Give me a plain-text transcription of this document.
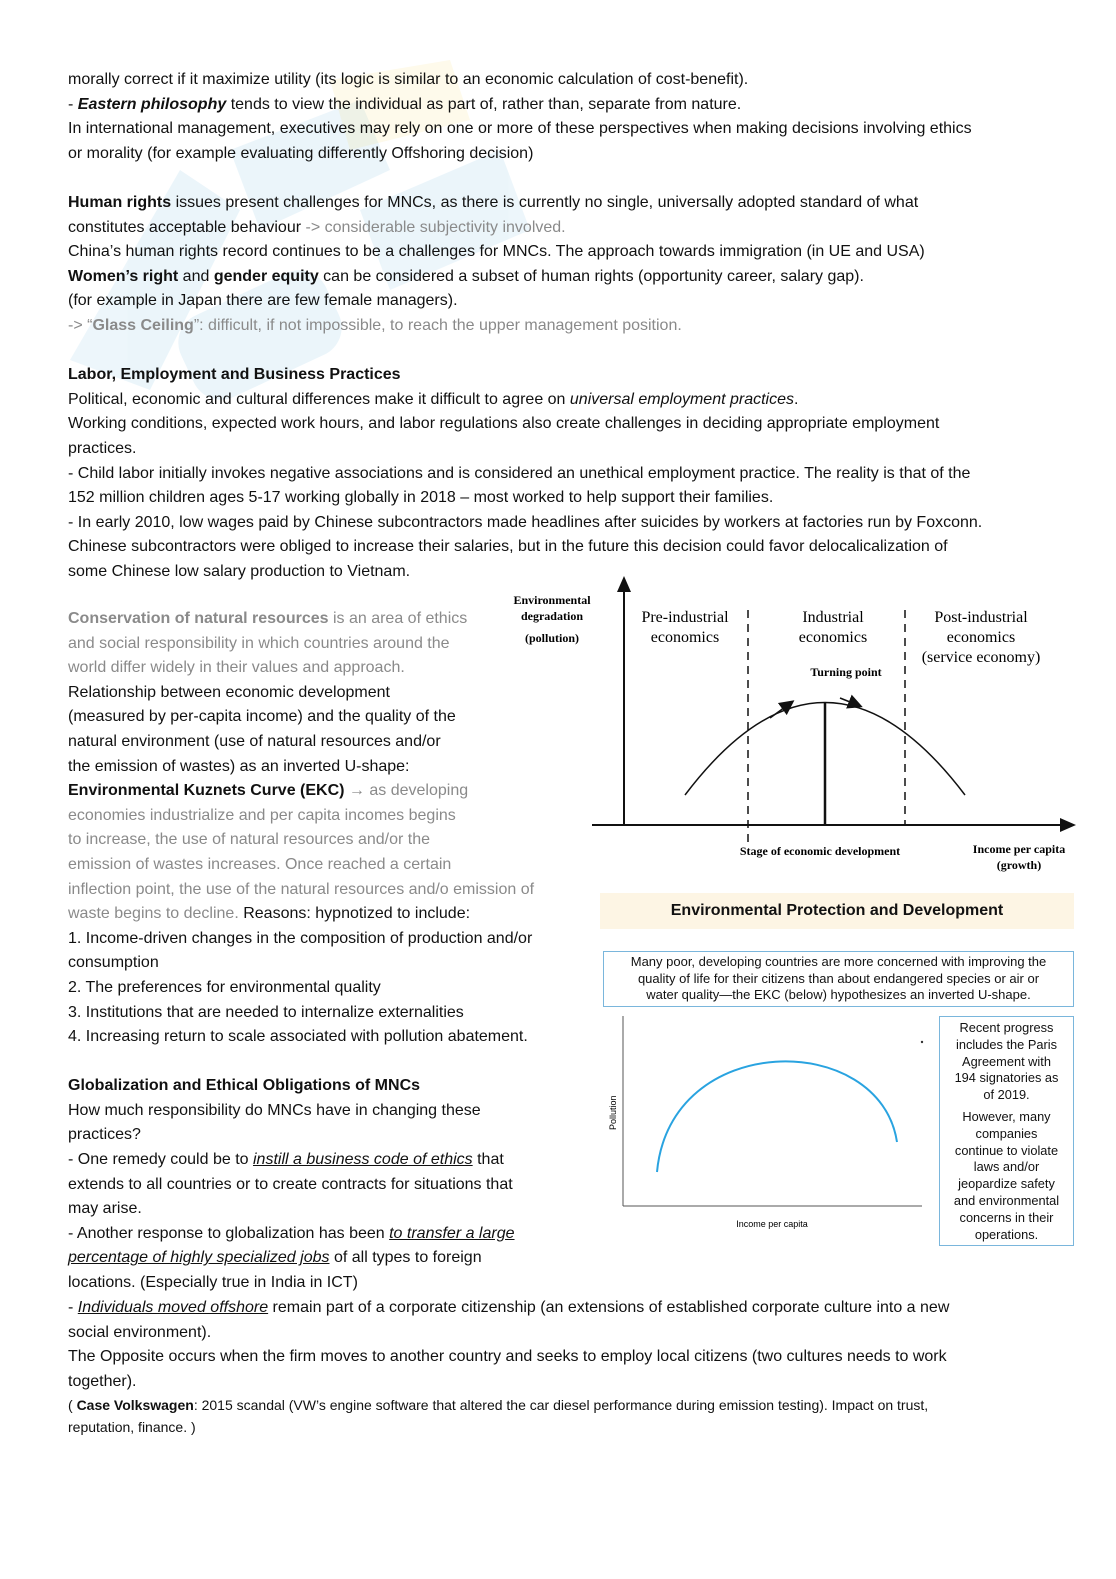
morally correct if it maximize utility (its logic is similar to an economic calculation of cost-benefit).

- Eastern philosophy tends to view the individual as part of, rather than, separate from nature.

In international management, executives may rely on one or more of these perspectives when making decisions involving ethics

or morality (for example evaluating differently Offshoring decision)

Human rights issues present challenges for MNCs, as there is currently no single, universally adopted standard of what

constitutes acceptable behaviour -> considerable subjectivity involved.

China’s human rights record continues to be a challenges for MNCs. The approach towards immigration (in UE and USA)

Women’s right and gender equity can be considered a subset of human rights (opportunity career, salary gap).

(for example in Japan there are few female managers).

-> “Glass Ceiling”: difficult, if not impossible, to reach the upper management position.

Labor, Employment and Business Practices

Political, economic and cultural differences make it difficult to agree on universal employment practices.

Working conditions, expected work hours, and labor regulations also create challenges in deciding appropriate employment

practices.

- Child labor initially invokes negative associations and is considered an unethical employment practice. The reality is that of the

152 million children ages 5-17 working globally in 2018 – most worked to help support their families.

- In early 2010, low wages paid by Chinese subcontractors made headlines after suicides by workers at factories run by Foxconn.

Chinese subcontractors were obliged to increase their salaries, but in the future this decision could favor delocalicalization of

some Chinese low salary production to Vietnam.

Conservation of natural resources is an area of ethics

and social responsibility in which countries around the

world differ widely in their values and approach.

Relationship between economic development

(measured by per-capita income) and the quality of the

natural environment (use of natural resources and/or

the emission of wastes) as an inverted U-shape:

Environmental Kuznets Curve (EKC) → as developing

economies industrialize and per capita incomes begins

to increase, the use of natural resources and/or the

emission of wastes increases. Once reached a certain

inflection point, the use of the natural resources and/o emission of

waste begins to decline. Reasons: hypnotized to include:

1. Income-driven changes in the composition of production and/or

consumption

2. The preferences for environmental quality

3. Institutions that are needed to internalize externalities

4. Increasing return to scale associated with pollution abatement.

Globalization and Ethical Obligations of MNCs

How much responsibility do MNCs have in changing these

practices?

- One remedy could be to instill a business code of ethics that

extends to all countries or to create contracts for situations that

may arise.

- Another response to globalization has been to transfer a large

percentage of highly specialized jobs of all types to foreign

locations. (Especially true in India in ICT)

- Individuals moved offshore remain part of a corporate citizenship (an extensions of established corporate culture into a new

social environment).

The Opposite occurs when the firm moves to another country and seeks to employ local citizens (two cultures needs to work

together).

( Case Volkswagen: 2015 scandal (VW’s engine software that altered the car diesel performance during emission testing). Impact on trust,

reputation, finance. )

Environmental
degradation
(pollution)
Pre-industrial
economics
Industrial
economics
Post-industrial
economics
(service economy)
Turning point
Stage of economic development	Income per capita
(growth)
Environmental Protection and Development
Many poor, developing countries are more concerned with improving the
quality of life for their citizens than about endangered species or air or
water quality—the EKC (below) hypothesizes an inverted U-shape.
Pollution
Income per capita
Recent progress
includes the Paris
Agreement with
194 signatories as
of 2019.
However, many
companies
continue to violate
laws and/or
jeopardize safety
and environmental
concerns in their
operations.
